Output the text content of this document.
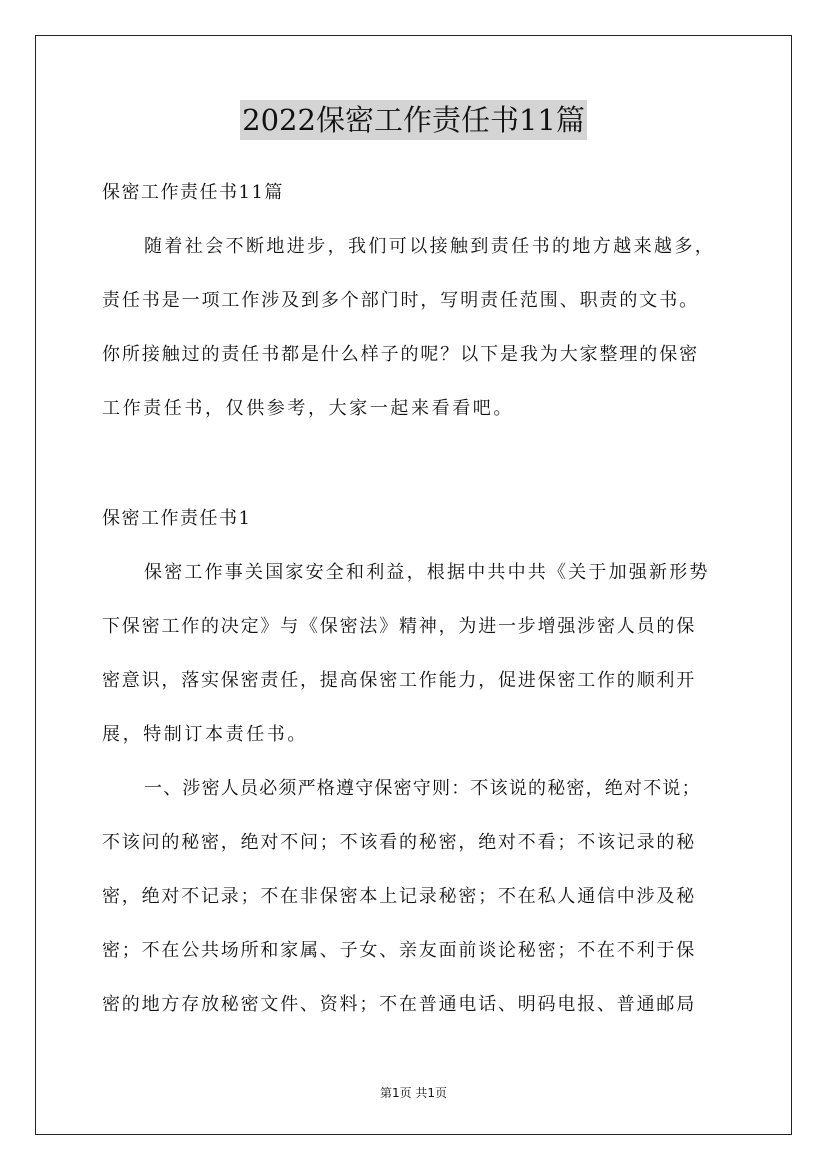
2022保密工作责任书11篇
保密工作责任书11篇
随着社会不断地进步，我们可以接触到责任书的地方越来越多，
责任书是一项工作涉及到多个部门时，写明责任范围、职责的文书。
你所接触过的责任书都是什么样子的呢？以下是我为大家整理的保密
工作责任书，仅供参考，大家一起来看看吧。
保密工作责任书1
保密工作事关国家安全和利益，根据中共中共《关于加强新形势
下保密工作的决定》与《保密法》精神，为进一步增强涉密人员的保
密意识，落实保密责任，提高保密工作能力，促进保密工作的顺利开
展，特制订本责任书。
一、涉密人员必须严格遵守保密守则：不该说的秘密，绝对不说；
不该问的秘密，绝对不问；不该看的秘密，绝对不看；不该记录的秘
密，绝对不记录；不在非保密本上记录秘密；不在私人通信中涉及秘
密；不在公共场所和家属、子女、亲友面前谈论秘密；不在不利于保
密的地方存放秘密文件、资料；不在普通电话、明码电报、普通邮局
第1页 共1页
